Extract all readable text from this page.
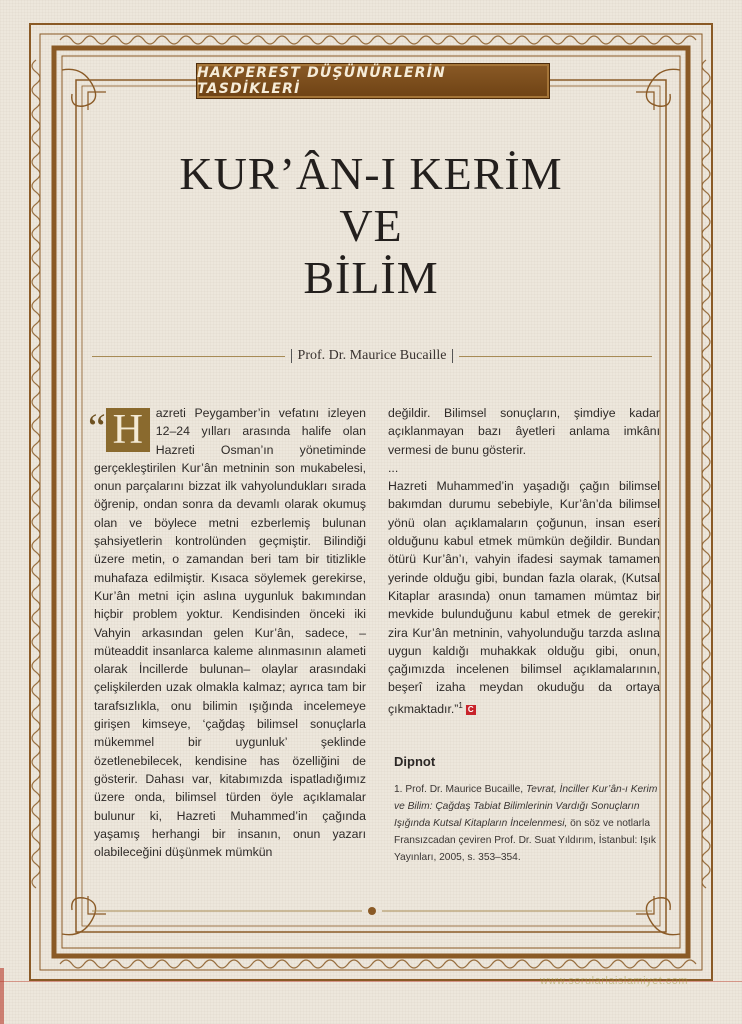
HAKPEREST DÜŞÜNÜRLERİN TASDİKLERİ
KUR’ÂN-I KERİM
VE
BİLİM
Prof. Dr. Maurice Bucaille
“ H	azreti Peygamber’in vefatını izleyen 12–24 yılları arasında halife olan Hazreti Osman’ın yönetiminde gerçekleştirilen Kur’ân metninin son mukabelesi, onun parçalarını bizzat ilk vahyolundukları sırada öğrenip, ondan sonra da devamlı olarak okumuş olan ve böylece metni ezberlemiş bulunan şahsiyetlerin kontrolünden geçmiştir. Bilindiği üzere metin, o zamandan beri tam bir titizlikle muhafaza edilmiştir. Kısaca söylemek gerekirse, Kur’ân metni için aslına uygunluk bakımından hiçbir problem yoktur. Kendisinden önceki iki Vahyin arkasından gelen Kur’ân, sadece, –müteaddit insanlarca kaleme alınmasının alameti olarak İncillerde bulunan– olaylar arasındaki çelişkilerden uzak olmakla kalmaz; ayrıca tam bir tarafsızlıkla, onu bilimin ışığında incelemeye girişen kimseye, ‘çağdaş bilimsel sonuçlarla mükemmel bir uygunluk’ şeklinde özetlenebilecek, kendisine has özelliğini de gösterir. Dahası var, kitabımızda ispatladığımız üzere onda, bilimsel türden öyle açıklamalar bulunur ki, Hazreti Muhammed’in çağında yaşamış herhangi bir insanın, onun yazarı olabileceğini düşünmek mümkün

değildir. Bilimsel sonuçların, şimdiye kadar açıklanmayan bazı âyetleri anlama imkânı vermesi de bunu gösterir.

...

Hazreti Muhammed’in yaşadığı çağın bilimsel bakımdan durumu sebebiyle, Kur’ân’da bilimsel yönü olan açıklamaların çoğunun, insan eseri olduğunu kabul etmek mümkün değildir. Bundan ötürü Kur’ân’ı, vahyin ifadesi saymak tamamen yerinde olduğu gibi, bundan fazla olarak, (Kutsal Kitaplar arasında) onun tamamen mümtaz bir mevkide bulunduğunu kabul etmek de gerekir; zira Kur’ân metninin, vahyolunduğu tarzda aslına uygun kaldığı muhakkak olduğu gibi, onun, çağımızda incelenen bilimsel açıklamalarının, beşerî izaha meydan okuduğu da ortaya çıkmaktadır.”$^1$ C

Dipnot
1. Prof. Dr. Maurice Bucaille, Tevrat, İnciller Kur’ân-ı Kerim ve Bilim: Çağdaş Tabiat Bilimlerinin Vardığı Sonuçların Işığında Kutsal Kitapların İncelenmesi, ön söz ve notlarla Fransızcadan çeviren Prof. Dr. Suat Yıldırım, İstanbul: Işık Yayınları, 2005, s. 353–354.
www.sorularlaislamiyet.com
